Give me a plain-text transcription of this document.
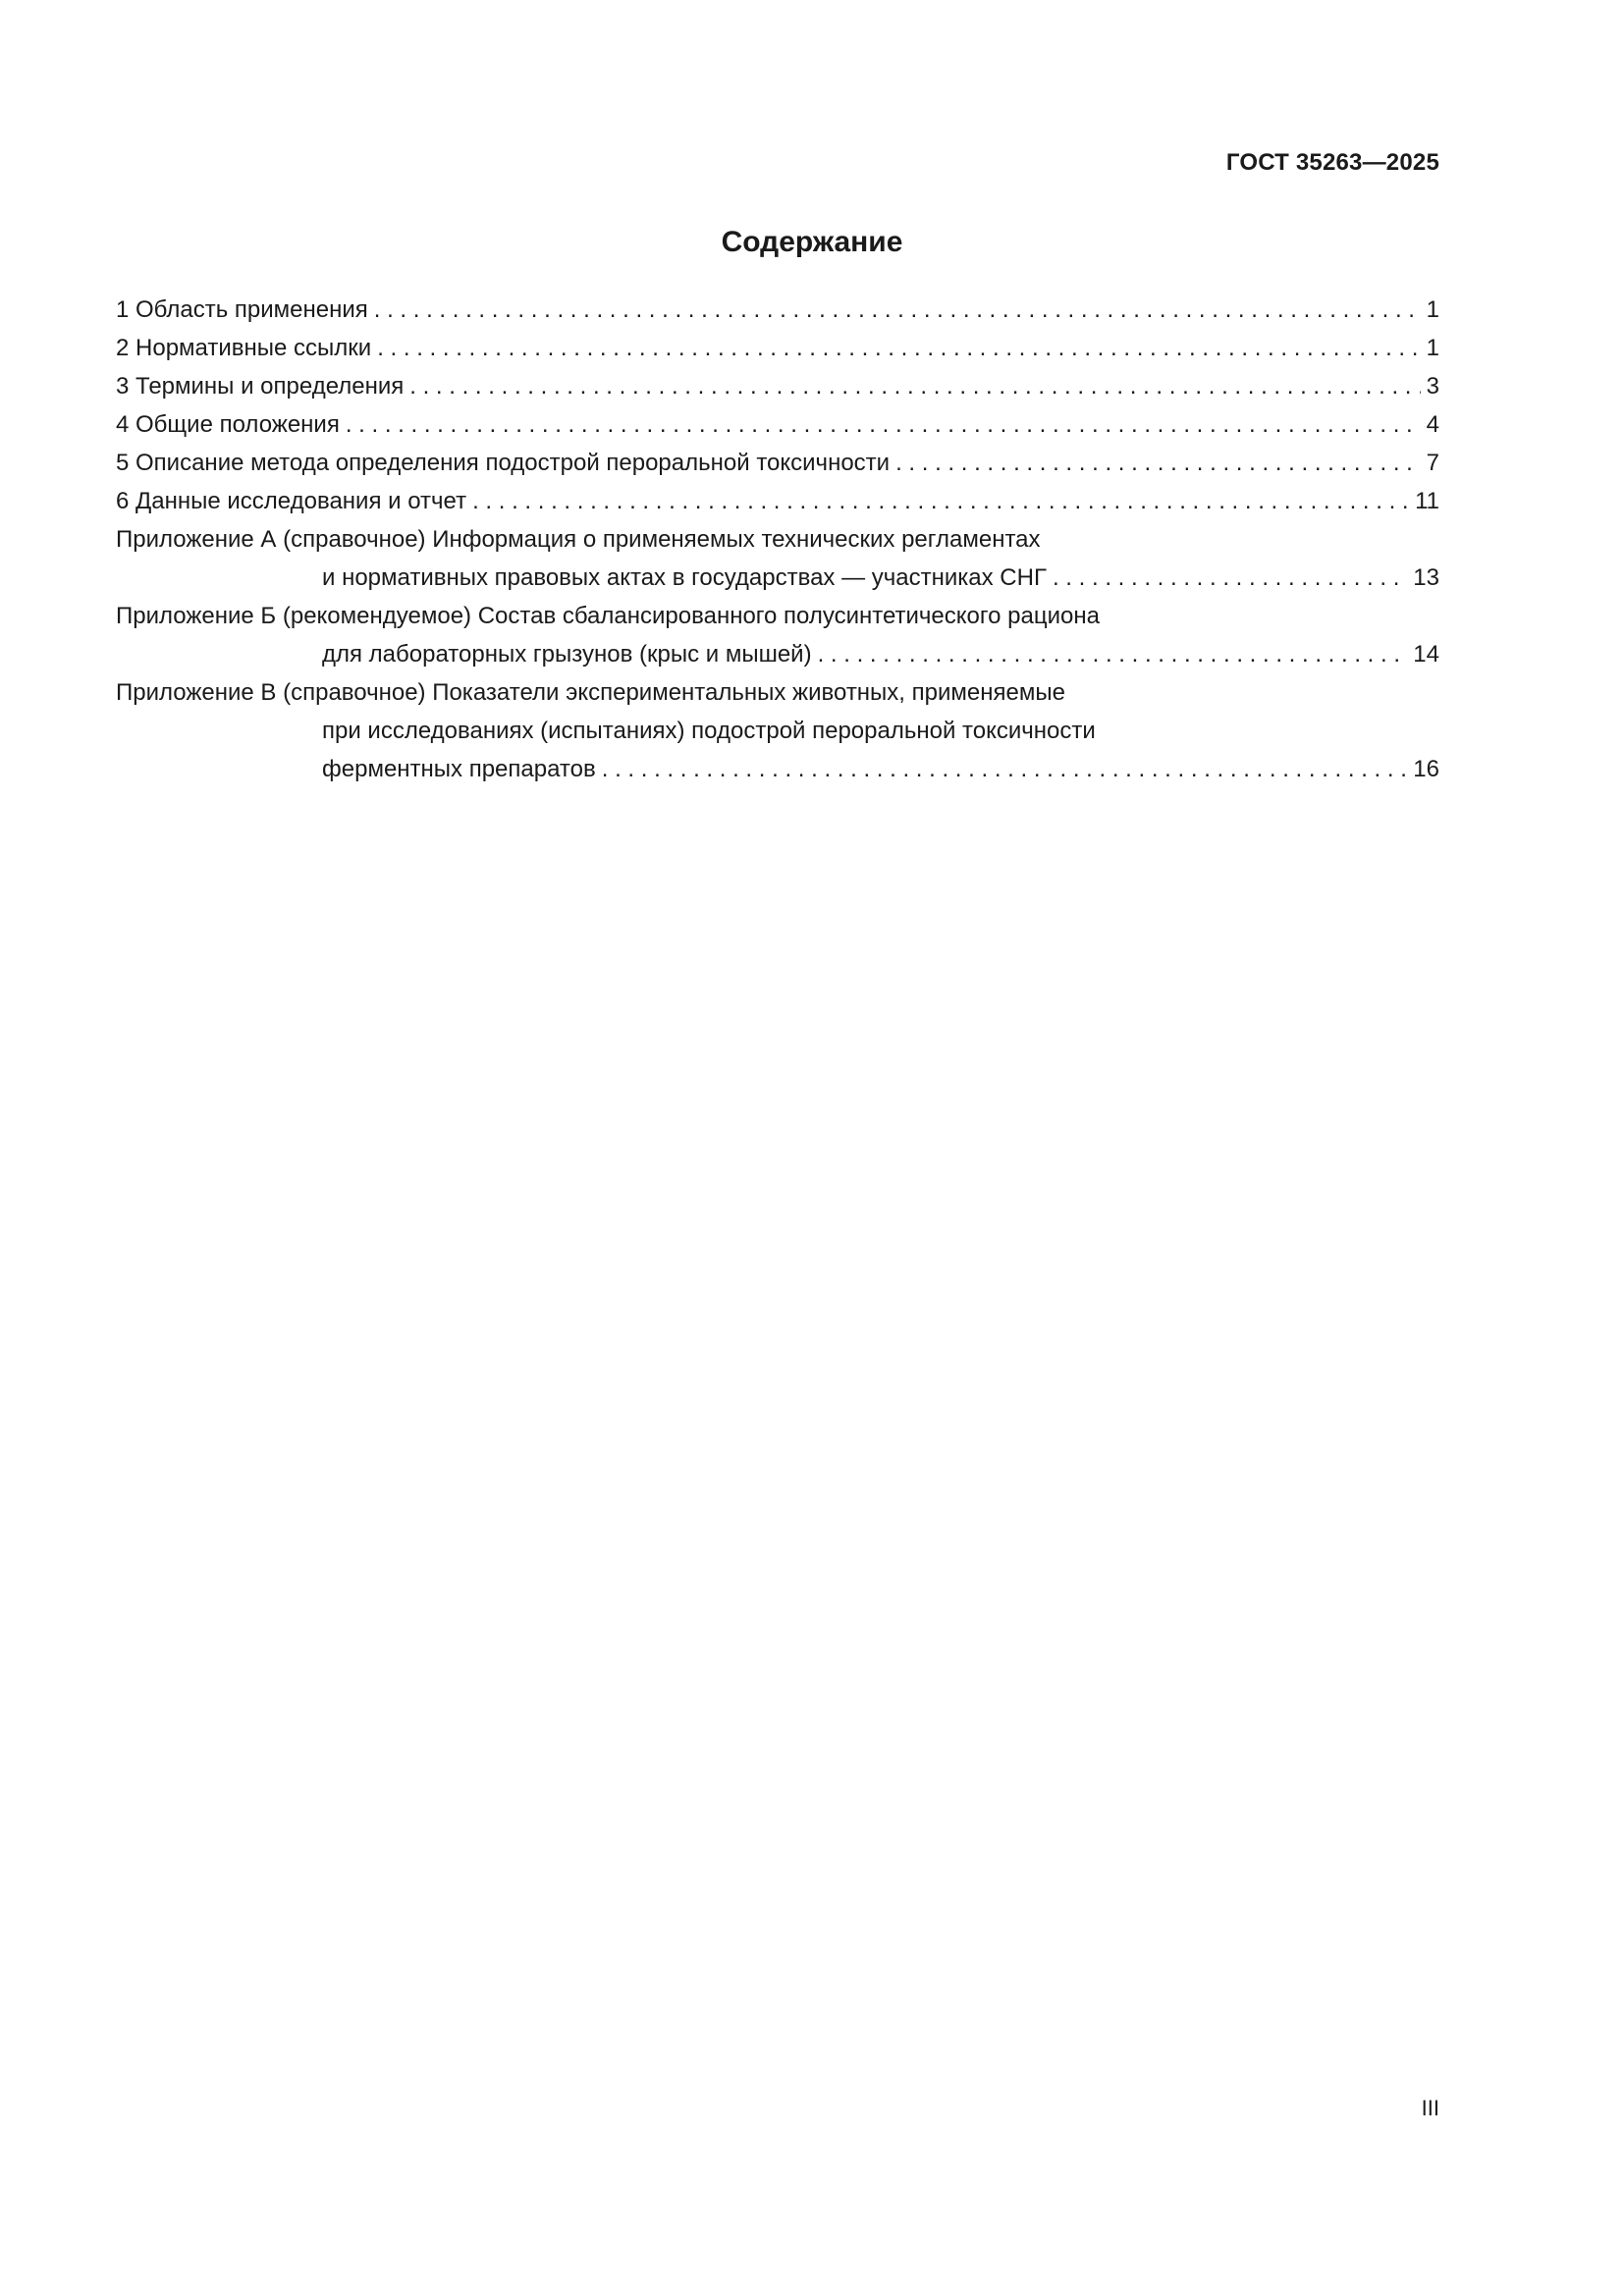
ГОСТ 35263—2025
Содержание
1 Область применения . . .	1
2 Нормативные ссылки . . .	1
3 Термины и определения . . .	3
4 Общие положения . . .	4
5 Описание метода определения подострой пероральной токсичности . . .	7
6 Данные исследования и отчет . . .	11
Приложение А (справочное) Информация о применяемых технических регламентах
и нормативных правовых актах в государствах — участниках СНГ . . .	13
Приложение Б (рекомендуемое) Состав сбалансированного полусинтетического рациона
для лабораторных грызунов (крыс и мышей) . . .	14
Приложение В (справочное) Показатели экспериментальных животных, применяемые
при исследованиях (испытаниях) подострой пероральной токсичности
ферментных препаратов . . .	16
III
